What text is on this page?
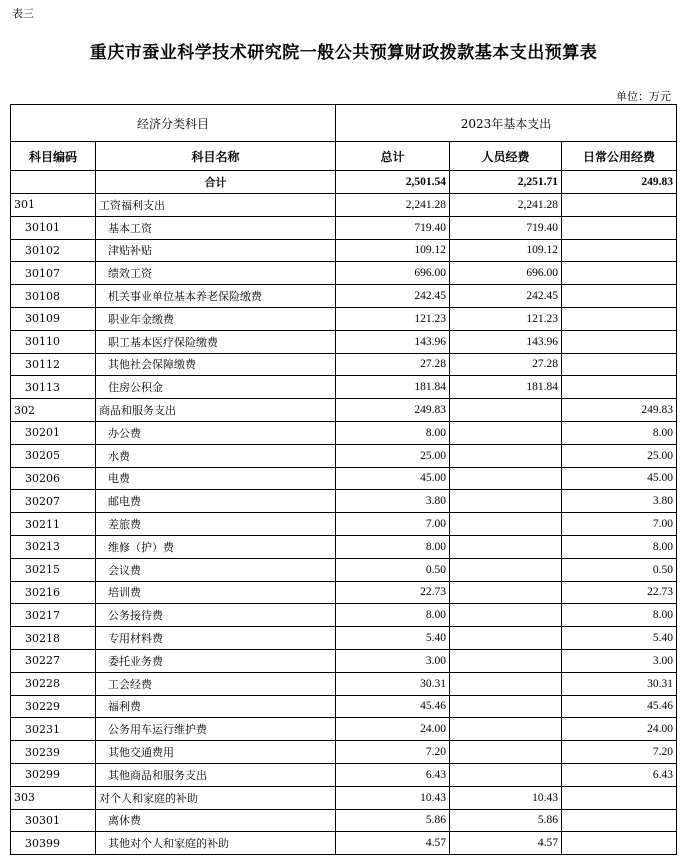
表三
重庆市蚕业科学技术研究院一般公共预算财政拨款基本支出预算表
单位：万元
经济分类科目		2023年基本支出		
科目编码	科目名称	总计	人员经费	日常公用经费
	合计	2,501.54	2,251.71	249.83
301	工资福利支出	2,241.28	2,241.28	
30101	基本工资	719.40	719.40	
30102	津贴补贴	109.12	109.12	
30107	绩效工资	696.00	696.00	
30108	机关事业单位基本养老保险缴费	242.45	242.45	
30109	职业年金缴费	121.23	121.23	
30110	职工基本医疗保险缴费	143.96	143.96	
30112	其他社会保障缴费	27.28	27.28	
30113	住房公积金	181.84	181.84	
302	商品和服务支出	249.83		249.83
30201	办公费	8.00		8.00
30205	水费	25.00		25.00
30206	电费	45.00		45.00
30207	邮电费	3.80		3.80
30211	差旅费	7.00		7.00
30213	维修（护）费	8.00		8.00
30215	会议费	0.50		0.50
30216	培训费	22.73		22.73
30217	公务接待费	8.00		8.00
30218	专用材料费	5.40		5.40
30227	委托业务费	3.00		3.00
30228	工会经费	30.31		30.31
30229	福利费	45.46		45.46
30231	公务用车运行维护费	24.00		24.00
30239	其他交通费用	7.20		7.20
30299	其他商品和服务支出	6.43		6.43
303	对个人和家庭的补助	10.43	10.43	
30301	离休费	5.86	5.86	
30399	其他对个人和家庭的补助	4.57	4.57	
